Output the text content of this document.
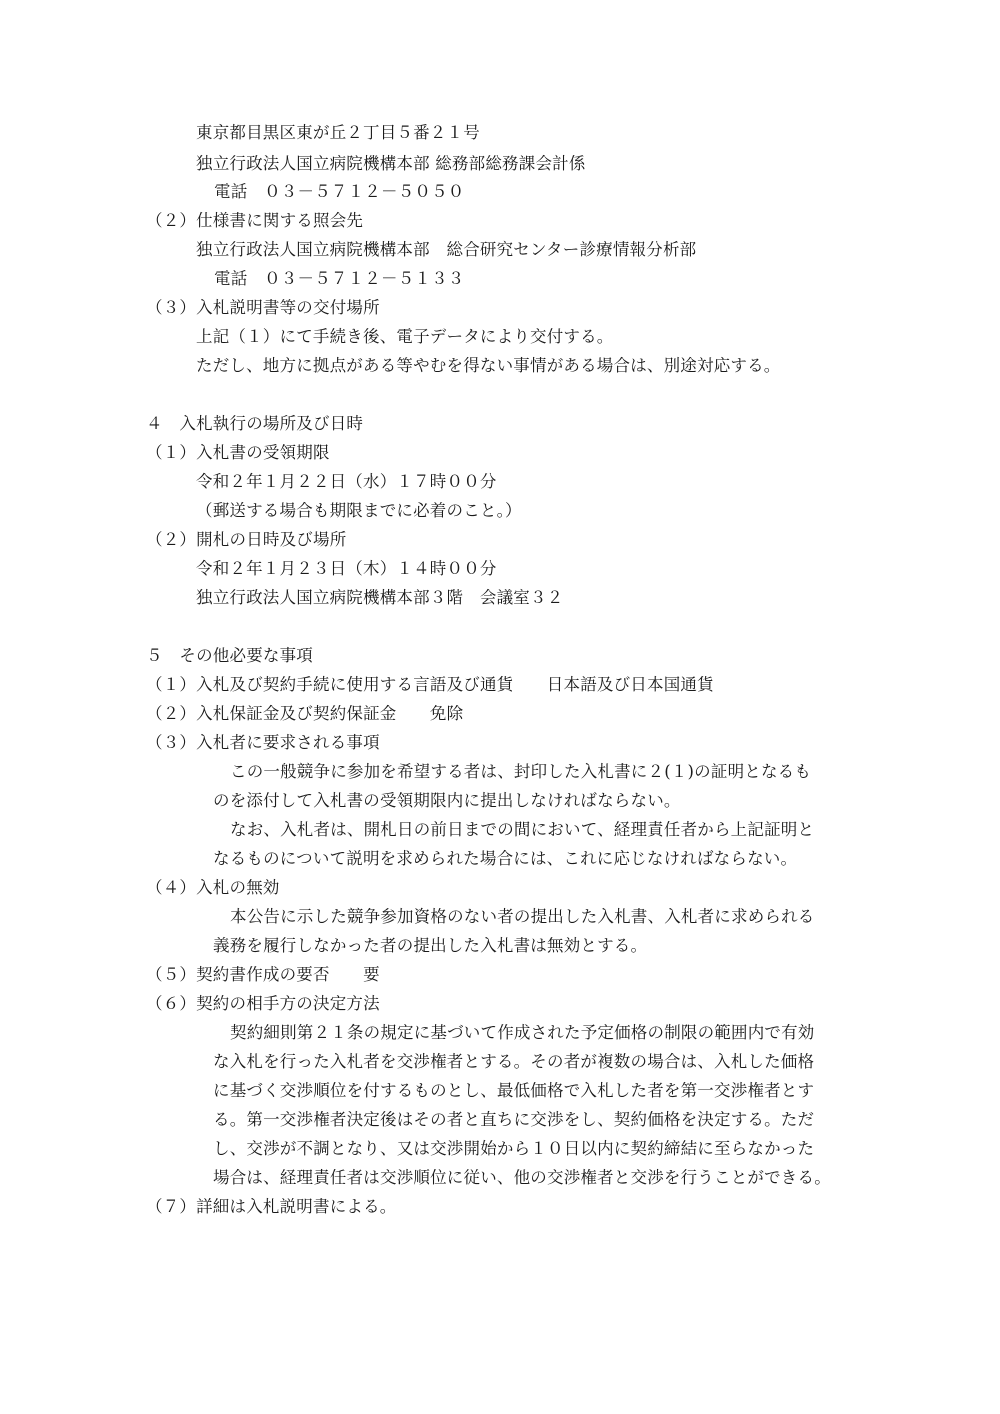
東京都目黒区東が丘２丁目５番２１号
独立行政法人国立病院機構本部 総務部総務課会計係
電話　０３－５７１２－５０５０
（２）仕様書に関する照会先
独立行政法人国立病院機構本部　総合研究センター診療情報分析部
電話　０３－５７１２－５１３３
（３）入札説明書等の交付場所
上記（１）にて手続き後、電子データにより交付する。
ただし、地方に拠点がある等やむを得ない事情がある場合は、別途対応する。
４　入札執行の場所及び日時
（１）入札書の受領期限
令和２年１月２２日（水）１７時００分
（郵送する場合も期限までに必着のこと。）
（２）開札の日時及び場所
令和２年１月２３日（木）１４時００分
独立行政法人国立病院機構本部３階　会議室３２
５　その他必要な事項
（１）入札及び契約手続に使用する言語及び通貨　　日本語及び日本国通貨
（２）入札保証金及び契約保証金　　免除
（３）入札者に要求される事項
この一般競争に参加を希望する者は、封印した入札書に２(１)の証明となるも
のを添付して入札書の受領期限内に提出しなければならない。
なお、入札者は、開札日の前日までの間において、経理責任者から上記証明と
なるものについて説明を求められた場合には、これに応じなければならない。
（４）入札の無効
本公告に示した競争参加資格のない者の提出した入札書、入札者に求められる
義務を履行しなかった者の提出した入札書は無効とする。
（５）契約書作成の要否　　要
（６）契約の相手方の決定方法
契約細則第２１条の規定に基づいて作成された予定価格の制限の範囲内で有効
な入札を行った入札者を交渉権者とする。その者が複数の場合は、入札した価格
に基づく交渉順位を付するものとし、最低価格で入札した者を第一交渉権者とす
る。第一交渉権者決定後はその者と直ちに交渉をし、契約価格を決定する。ただ
し、交渉が不調となり、又は交渉開始から１０日以内に契約締結に至らなかった
場合は、経理責任者は交渉順位に従い、他の交渉権者と交渉を行うことができる。
（７）詳細は入札説明書による。
